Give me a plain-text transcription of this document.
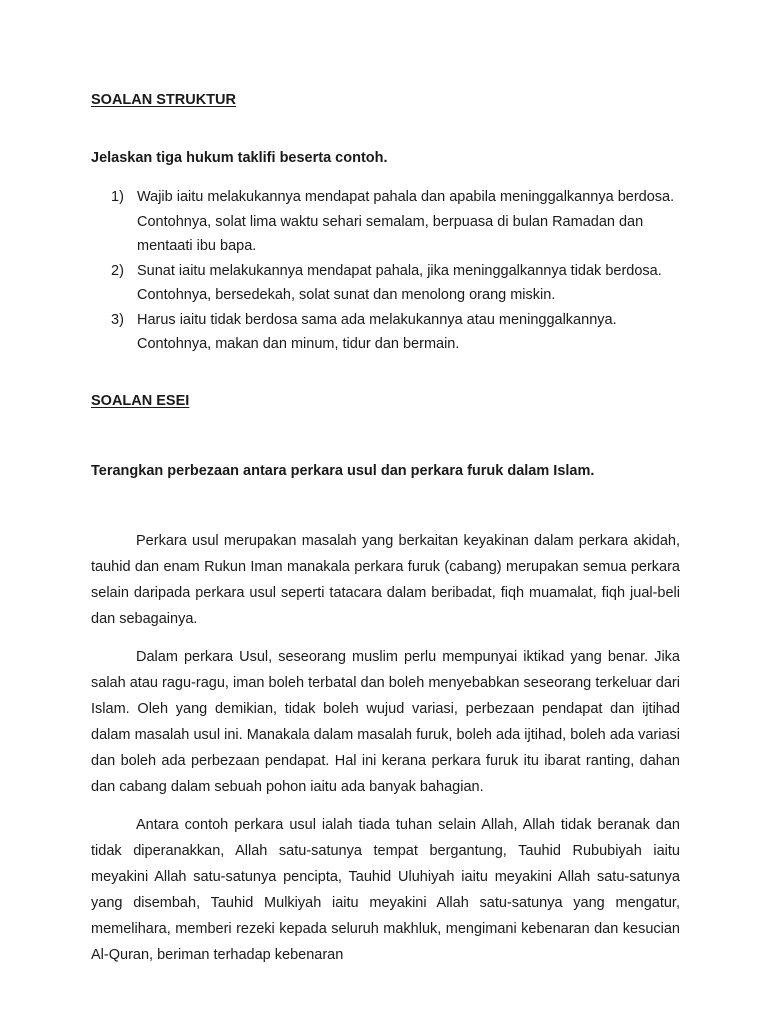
SOALAN STRUKTUR

Jelaskan tiga hukum taklifi beserta contoh.

1) Wajib iaitu melakukannya mendapat pahala dan apabila meninggalkannya berdosa. Contohnya, solat lima waktu sehari semalam, berpuasa di bulan Ramadan dan mentaati ibu bapa.
2) Sunat iaitu melakukannya mendapat pahala, jika meninggalkannya tidak berdosa. Contohnya, bersedekah, solat sunat dan menolong orang miskin.
3) Harus iaitu tidak berdosa sama ada melakukannya atau meninggalkannya. Contohnya, makan dan minum, tidur dan bermain.

SOALAN ESEI

Terangkan perbezaan antara perkara usul dan perkara furuk dalam Islam.

Perkara usul merupakan masalah yang berkaitan keyakinan dalam perkara akidah, tauhid dan enam Rukun Iman manakala perkara furuk (cabang) merupakan semua perkara selain daripada perkara usul seperti tatacara dalam beribadat, fiqh muamalat, fiqh jual-beli dan sebagainya.

Dalam perkara Usul, seseorang muslim perlu mempunyai iktikad yang benar. Jika salah atau ragu-ragu, iman boleh terbatal dan boleh menyebabkan seseorang terkeluar dari Islam. Oleh yang demikian, tidak boleh wujud variasi, perbezaan pendapat dan ijtihad dalam masalah usul ini. Manakala dalam masalah furuk, boleh ada ijtihad, boleh ada variasi dan boleh ada perbezaan pendapat. Hal ini kerana perkara furuk itu ibarat ranting, dahan dan cabang dalam sebuah pohon iaitu ada banyak bahagian.

Antara contoh perkara usul ialah tiada tuhan selain Allah, Allah tidak beranak dan tidak diperanakkan, Allah satu-satunya tempat bergantung, Tauhid Rububiyah iaitu meyakini Allah satu-satunya pencipta, Tauhid Uluhiyah iaitu meyakini Allah satu-satunya yang disembah, Tauhid Mulkiyah iaitu meyakini Allah satu-satunya yang mengatur, memelihara, memberi rezeki kepada seluruh makhluk, mengimani kebenaran dan kesucian Al-Quran, beriman terhadap kebenaran
